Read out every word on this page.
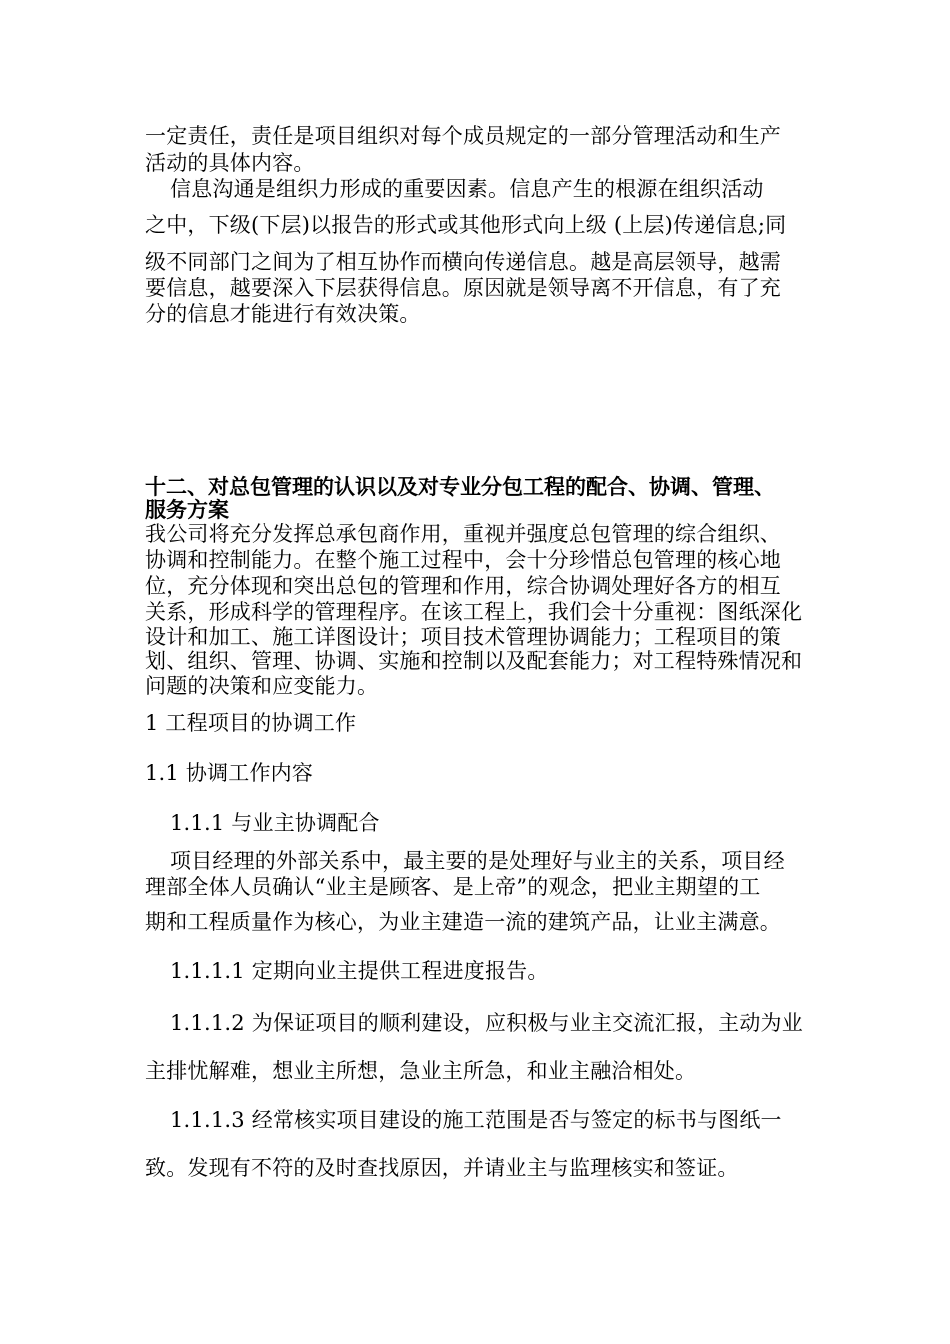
一定责任，责任是项目组织对每个成员规定的一部分管理活动和生产
活动的具体内容。
信息沟通是组织力形成的重要因素。信息产生的根源在组织活动
之中，下级(下层)以报告的形式或其他形式向上级 (上层)传递信息;同
级不同部门之间为了相互协作而横向传递信息。越是高层领导，越需
要信息，越要深入下层获得信息。原因就是领导离不开信息，有了充
分的信息才能进行有效决策。
十二、对总包管理的认识以及对专业分包工程的配合、协调、管理、
服务方案
我公司将充分发挥总承包商作用，重视并强度总包管理的综合组织、
协调和控制能力。在整个施工过程中，会十分珍惜总包管理的核心地
位，充分体现和突出总包的管理和作用，综合协调处理好各方的相互
关系，形成科学的管理程序。在该工程上，我们会十分重视：图纸深化
设计和加工、施工详图设计；项目技术管理协调能力；工程项目的策
划、组织、管理、协调、实施和控制以及配套能力；对工程特殊情况和
问题的决策和应变能力。
1 工程项目的协调工作
1.1 协调工作内容
1.1.1 与业主协调配合
项目经理的外部关系中，最主要的是处理好与业主的关系，项目经
理部全体人员确认“业主是顾客、是上帝”的观念，把业主期望的工
期和工程质量作为核心，为业主建造一流的建筑产品，让业主满意。
1.1.1.1 定期向业主提供工程进度报告。
1.1.1.2 为保证项目的顺利建设，应积极与业主交流汇报，主动为业
主排忧解难，想业主所想，急业主所急，和业主融洽相处。
1.1.1.3 经常核实项目建设的施工范围是否与签定的标书与图纸一
致。发现有不符的及时查找原因，并请业主与监理核实和签证。
